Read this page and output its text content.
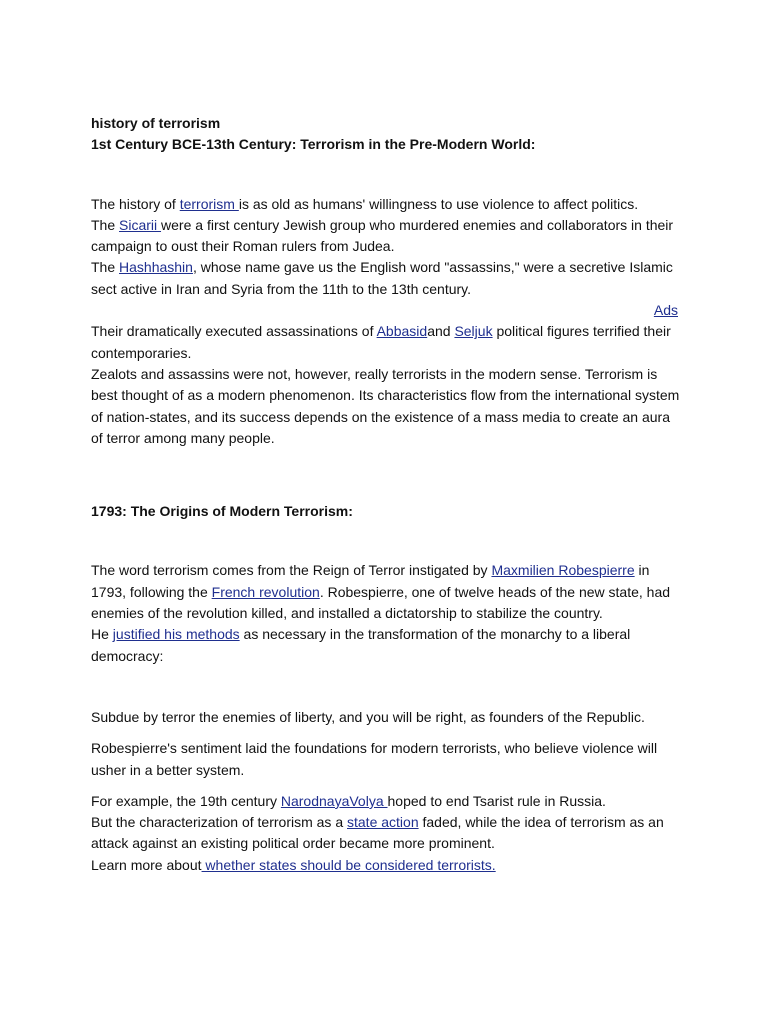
history of terrorism

1st Century BCE-13th Century: Terrorism in the Pre-Modern World:

The history of terrorism is as old as humans' willingness to use violence to affect politics.

The Sicarii were a first century Jewish group who murdered enemies and collaborators in their campaign to oust their Roman rulers from Judea.

The Hashhashin, whose name gave us the English word "assassins," were a secretive Islamic sect active in Iran and Syria from the 11th to the 13th century.

Ads

Their dramatically executed assassinations of Abbasidand Seljuk political figures terrified their contemporaries.

Zealots and assassins were not, however, really terrorists in the modern sense. Terrorism is best thought of as a modern phenomenon. Its characteristics flow from the international system of nation-states, and its success depends on the existence of a mass media to create an aura of terror among many people.

1793: The Origins of Modern Terrorism:

The word terrorism comes from the Reign of Terror instigated by Maxmilien Robespierre in 1793, following the French revolution. Robespierre, one of twelve heads of the new state, had enemies of the revolution killed, and installed a dictatorship to stabilize the country.

He justified his methods as necessary in the transformation of the monarchy to a liberal democracy:

Subdue by terror the enemies of liberty, and you will be right, as founders of the Republic.

Robespierre's sentiment laid the foundations for modern terrorists, who believe violence will usher in a better system.

For example, the 19th century NarodnayaVolya hoped to end Tsarist rule in Russia.

But the characterization of terrorism as a state action faded, while the idea of terrorism as an attack against an existing political order became more prominent.

Learn more about whether states should be considered terrorists.
